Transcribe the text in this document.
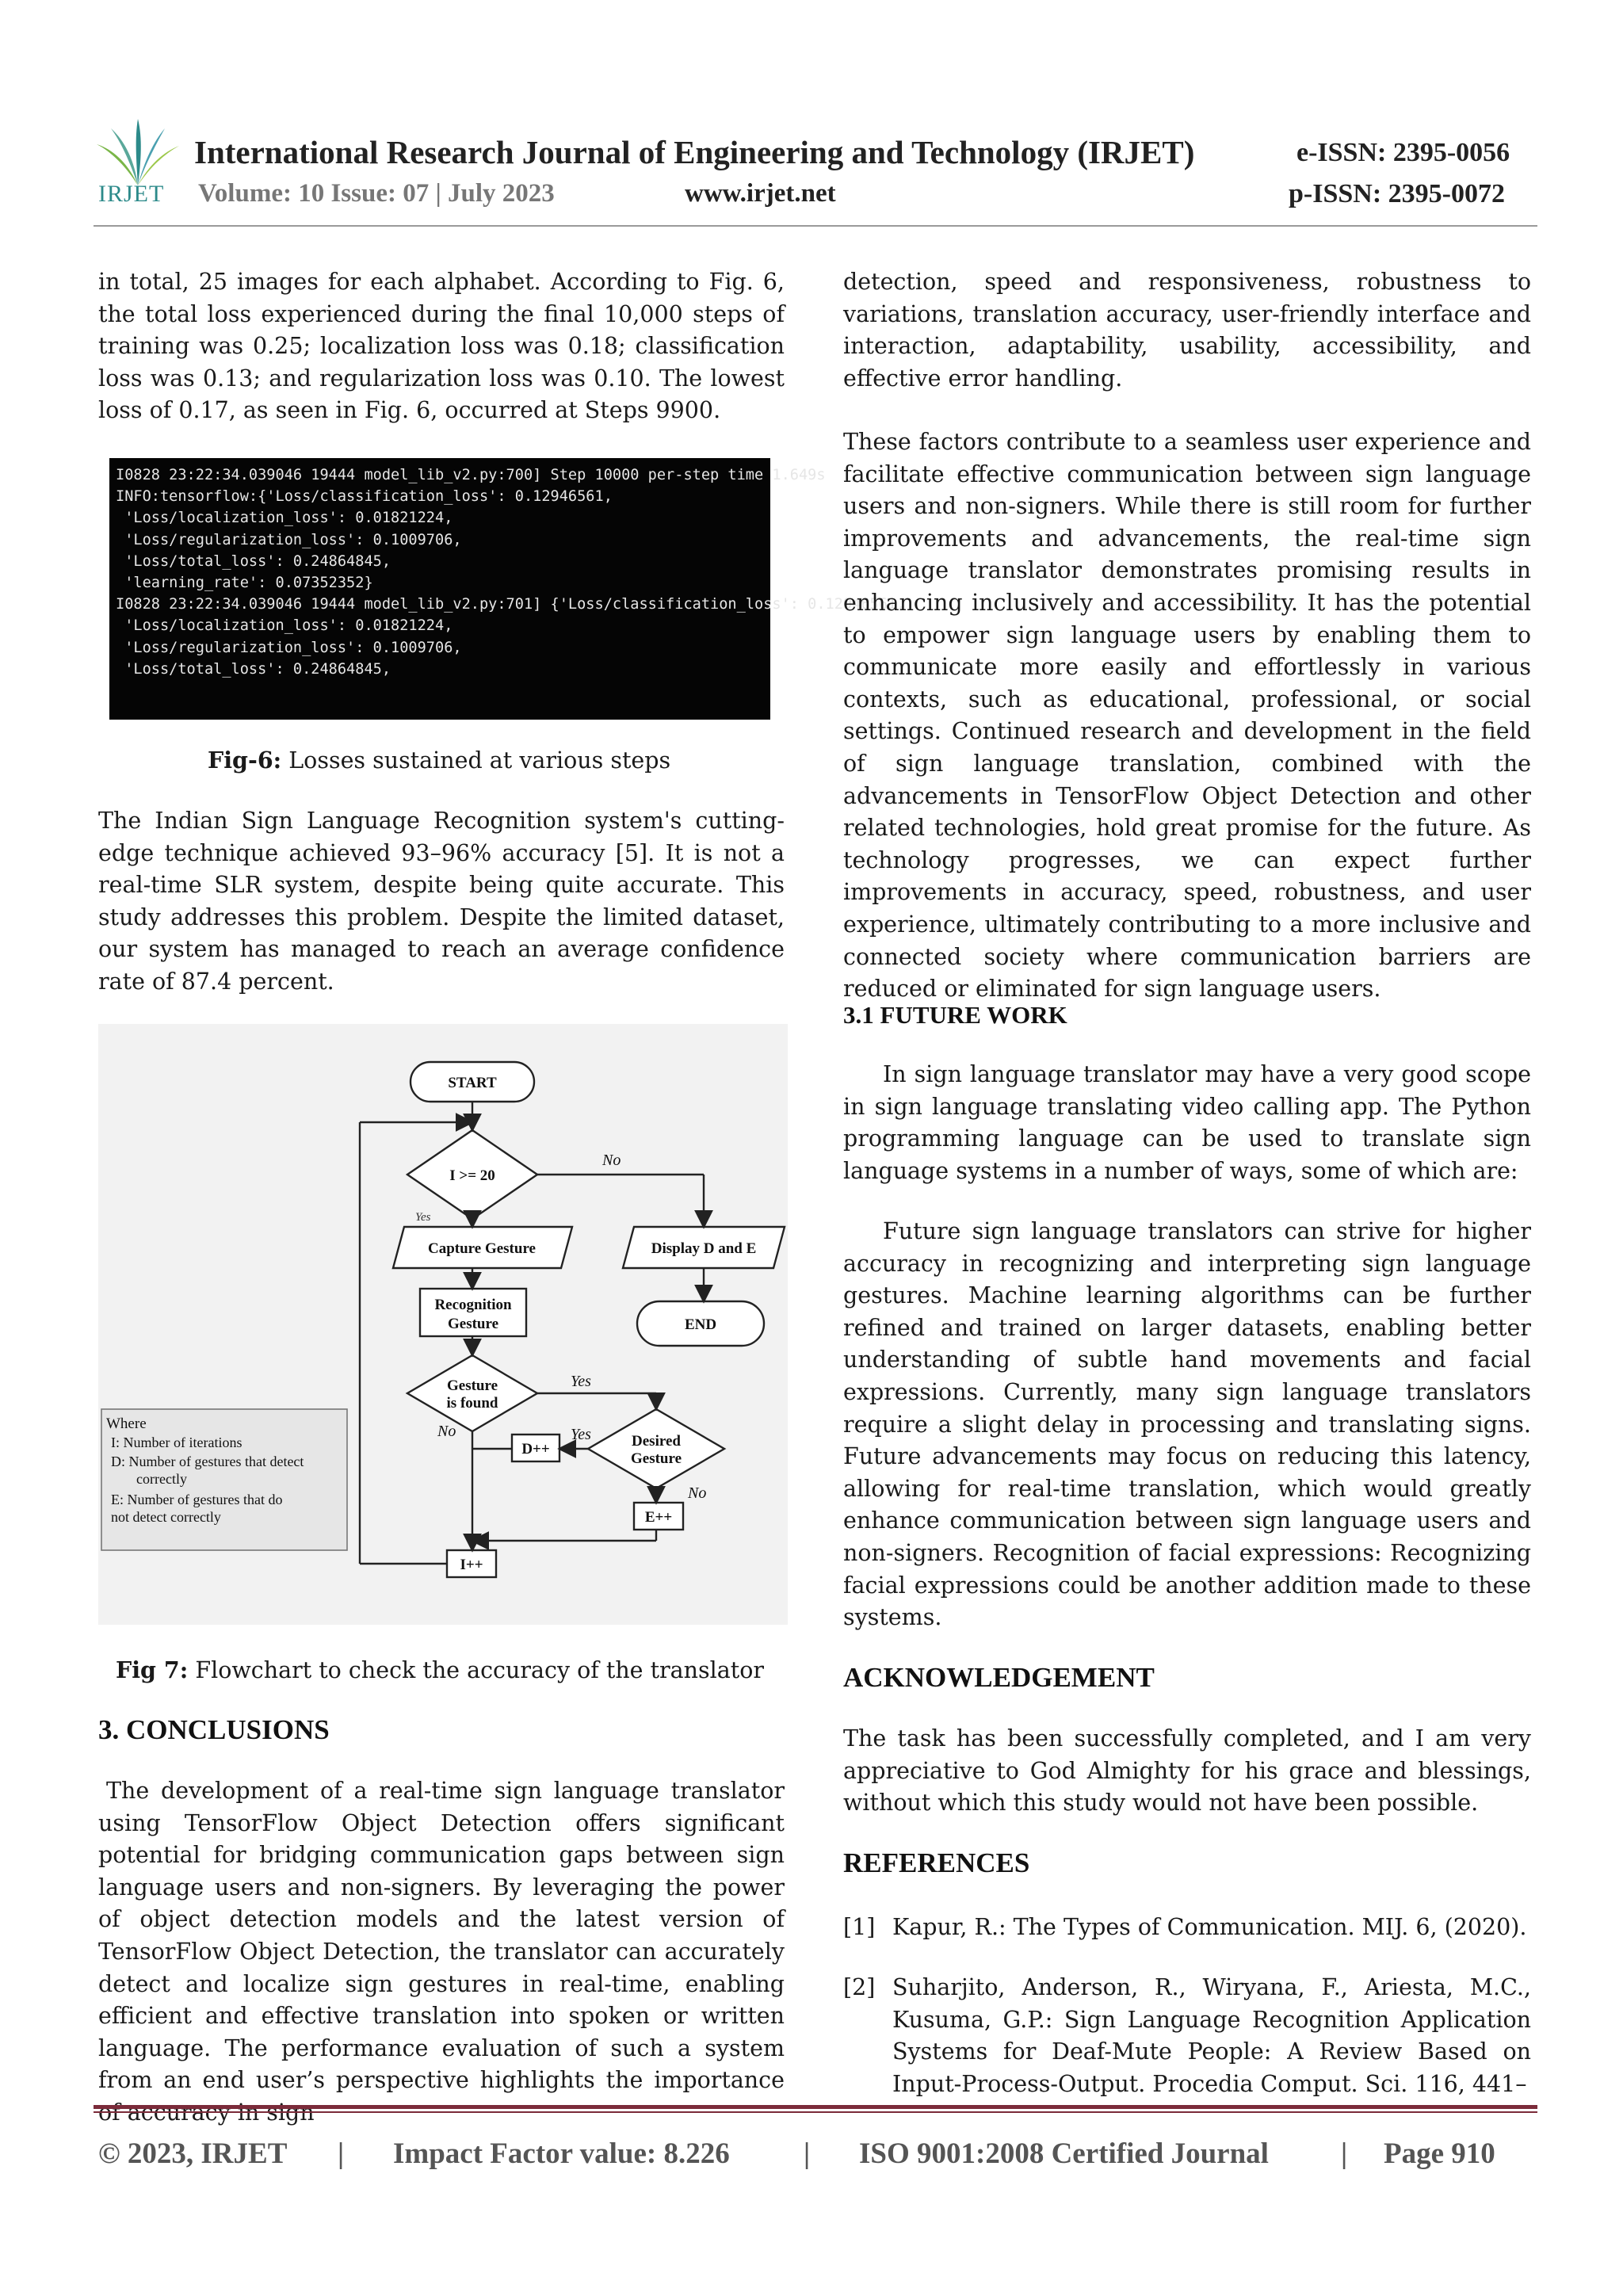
IRJET
International Research Journal of Engineering and Technology (IRJET)
Volume: 10 Issue: 07 | July 2023	www.irjet.net
e-ISSN: 2395-0056
p-ISSN: 2395-0072

in total, 25 images for each alphabet. According to Fig. 6, the total loss experienced during the final 10,000 steps of training was 0.25; localization loss was 0.18; classification loss was 0.13; and regularization loss was 0.10. The lowest loss of 0.17, as seen in Fig. 6, occurred at Steps 9900.

I0828 23:22:34.039046 19444 model_lib_v2.py:700] Step 10000 per-step time 1.649s
INFO:tensorflow:{'Loss/classification_loss': 0.12946561,
'Loss/localization_loss': 0.01821224,
'Loss/regularization_loss': 0.1009706,
'Loss/total_loss': 0.24864845,
'learning_rate': 0.07352352}
I0828 23:22:34.039046 19444 model_lib_v2.py:701] {'Loss/classification_loss': 0.12946561,
'Loss/localization_loss': 0.01821224,
'Loss/regularization_loss': 0.1009706,
'Loss/total_loss': 0.24864845,
Fig-6: Losses sustained at various steps

The Indian Sign Language Recognition system's cutting-edge technique achieved 93–96% accuracy [5]. It is not a real-time SLR system, despite being quite accurate. This study addresses this problem. Despite the limited dataset, our system has managed to reach an average confidence rate of 87.4 percent.

START
I >= 20
No
Yes
Capture Gesture	Display D and E
Recognition
Gesture	END
Gesture
is found
Yes
No
D++
Yes	Desired
Gesture
No
E++
I++
Where
I: Number of iterations
D: Number of gestures that detect
correctly
E: Number of gestures that do
not detect correctly
Fig 7: Flowchart to check the accuracy of the translator
3. CONCLUSIONS

The development of a real-time sign language translator using TensorFlow Object Detection offers significant potential for bridging communication gaps between sign language users and non-signers. By leveraging the power of object detection models and the latest version of TensorFlow Object Detection, the translator can accurately detect and localize sign gestures in real-time, enabling efficient and effective translation into spoken or written language. The performance evaluation of such a system from an end user’s perspective highlights the importance of accuracy in sign

detection, speed and responsiveness, robustness to variations, translation accuracy, user-friendly interface and interaction, adaptability, usability, accessibility, and effective error handling.

These factors contribute to a seamless user experience and facilitate effective communication between sign language users and non-signers. While there is still room for further improvements and advancements, the real-time sign language translator demonstrates promising results in enhancing inclusively and accessibility. It has the potential to empower sign language users by enabling them to communicate more easily and effortlessly in various contexts, such as educational, professional, or social settings. Continued research and development in the field of sign language translation, combined with the advancements in TensorFlow Object Detection and other related technologies, hold great promise for the future. As technology progresses, we can expect further improvements in accuracy, speed, robustness, and user experience, ultimately contributing to a more inclusive and connected society where communication barriers are reduced or eliminated for sign language users.

3.1 FUTURE WORK

In sign language translator may have a very good scope in sign language translating video calling app. The Python programming language can be used to translate sign language systems in a number of ways, some of which are:

Future sign language translators can strive for higher accuracy in recognizing and interpreting sign language gestures. Machine learning algorithms can be further refined and trained on larger datasets, enabling better understanding of subtle hand movements and facial expressions. Currently, many sign language translators require a slight delay in processing and translating signs. Future advancements may focus on reducing this latency, allowing for real-time translation, which would greatly enhance communication between sign language users and non-signers. Recognition of facial expressions: Recognizing facial expressions could be another addition made to these systems.

ACKNOWLEDGEMENT

The task has been successfully completed, and I am very appreciative to God Almighty for his grace and blessings, without which this study would not have been possible.

REFERENCES
[1] Kapur, R.: The Types of Communication. MIJ. 6, (2020).
[2] Suharjito, Anderson, R., Wiryana, F., Ariesta, M.C., Kusuma, G.P.: Sign Language Recognition Application Systems for Deaf-Mute People: A Review Based on Input-Process-Output. Procedia Comput. Sci. 116, 441–
© 2023, IRJET | Impact Factor value: 8.226	| ISO 9001:2008 Certified Journal | Page 910
